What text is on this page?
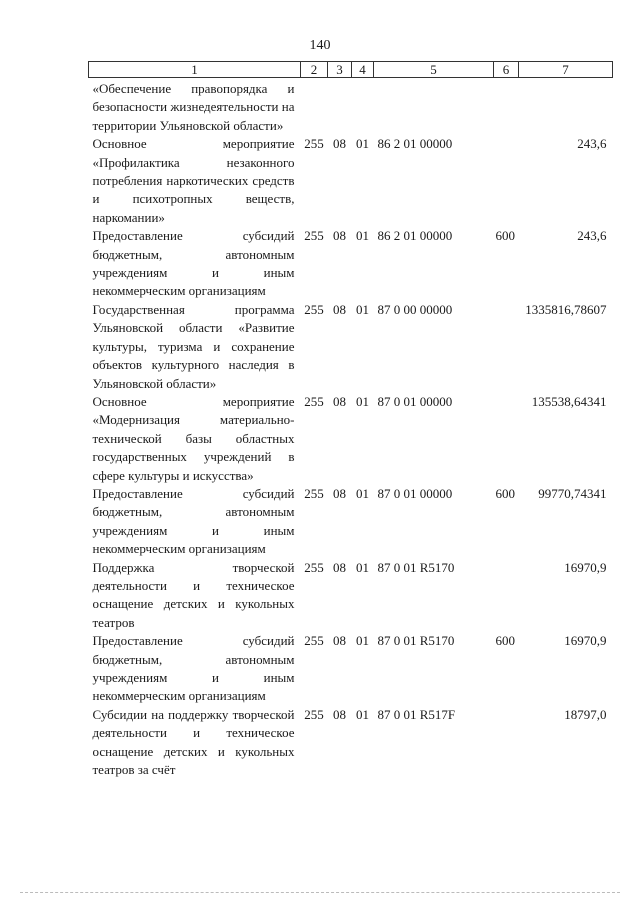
140
1	2	3	4	5	6	7
«Обеспечение правопорядка и безопасности жизнедеятельности на территории Ульяновской области»						
Основное мероприятие «Профилактика незаконного потребления наркотических средств и психотропных веществ, наркомании»	255	08	01	86 2 01 00000		243,6
Предоставление субсидий бюджетным, автономным учреждениям и иным некоммерческим организациям	255	08	01	86 2 01 00000	600	243,6
Государственная программа Ульяновской области «Развитие культуры, туризма и сохранение объектов культурного наследия в Ульяновской области»	255	08	01	87 0 00 00000		1335816,78607
Основное мероприятие «Модернизация материально-технической базы областных государственных учреждений в сфере культуры и искусства»	255	08	01	87 0 01 00000		135538,64341
Предоставление субсидий бюджетным, автономным учреждениям и иным некоммерческим организациям	255	08	01	87 0 01 00000	600	99770,74341
Поддержка творческой деятельности и техническое оснащение детских и кукольных театров	255	08	01	87 0 01 R5170		16970,9
Предоставление субсидий бюджетным, автономным учреждениям и иным некоммерческим организациям	255	08	01	87 0 01 R5170	600	16970,9
Субсидии на поддержку творческой деятельности и техническое оснащение детских и кукольных театров за счёт	255	08	01	87 0 01 R517F		18797,0
